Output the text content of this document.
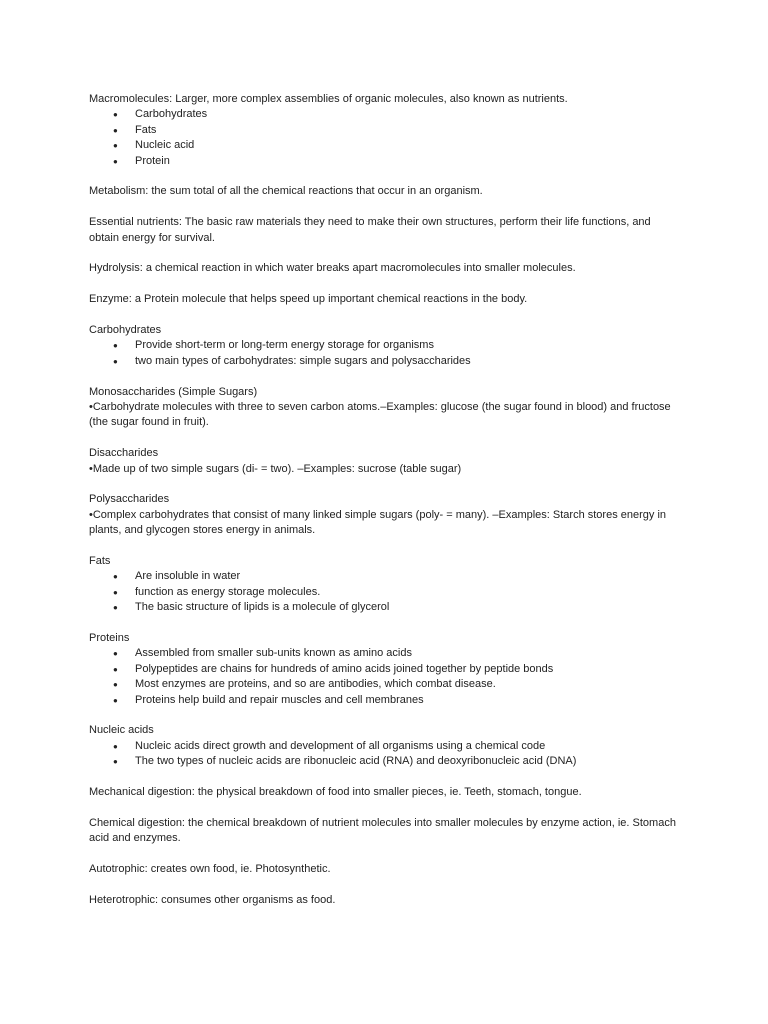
Macromolecules: Larger, more complex assemblies of organic molecules, also known as nutrients.

● Carbohydrates
● Fats
● Nucleic acid
● Protein

Metabolism: the sum total of all the chemical reactions that occur in an organism.

Essential nutrients: The basic raw materials they need to make their own structures, perform their life functions, and obtain energy for survival.

Hydrolysis: a chemical reaction in which water breaks apart macromolecules into smaller molecules.

Enzyme: a Protein molecule that helps speed up important chemical reactions in the body.

Carbohydrates

● Provide short-term or long-term energy storage for organisms
● two main types of carbohydrates: simple sugars and polysaccharides

Monosaccharides (Simple Sugars)

•Carbohydrate molecules with three to seven carbon atoms.–Examples: glucose (the sugar found in blood) and fructose (the sugar found in fruit).

Disaccharides

•Made up of two simple sugars (di- = two). –Examples: sucrose (table sugar)

Polysaccharides

•Complex carbohydrates that consist of many linked simple sugars (poly- = many). –Examples: Starch stores energy in plants, and glycogen stores energy in animals.

Fats

● Are insoluble in water
● function as energy storage molecules.
● The basic structure of lipids is a molecule of glycerol

Proteins

● Assembled from smaller sub-units known as amino acids
● Polypeptides are chains for hundreds of amino acids joined together by peptide bonds
● Most enzymes are proteins, and so are antibodies, which combat disease.
● Proteins help build and repair muscles and cell membranes

Nucleic acids

● Nucleic acids direct growth and development of all organisms using a chemical code
● The two types of nucleic acids are ribonucleic acid (RNA) and deoxyribonucleic acid (DNA)

Mechanical digestion: the physical breakdown of food into smaller pieces, ie. Teeth, stomach, tongue.

Chemical digestion: the chemical breakdown of nutrient molecules into smaller molecules by enzyme action, ie. Stomach acid and enzymes.

Autotrophic: creates own food, ie. Photosynthetic.

Heterotrophic: consumes other organisms as food.
